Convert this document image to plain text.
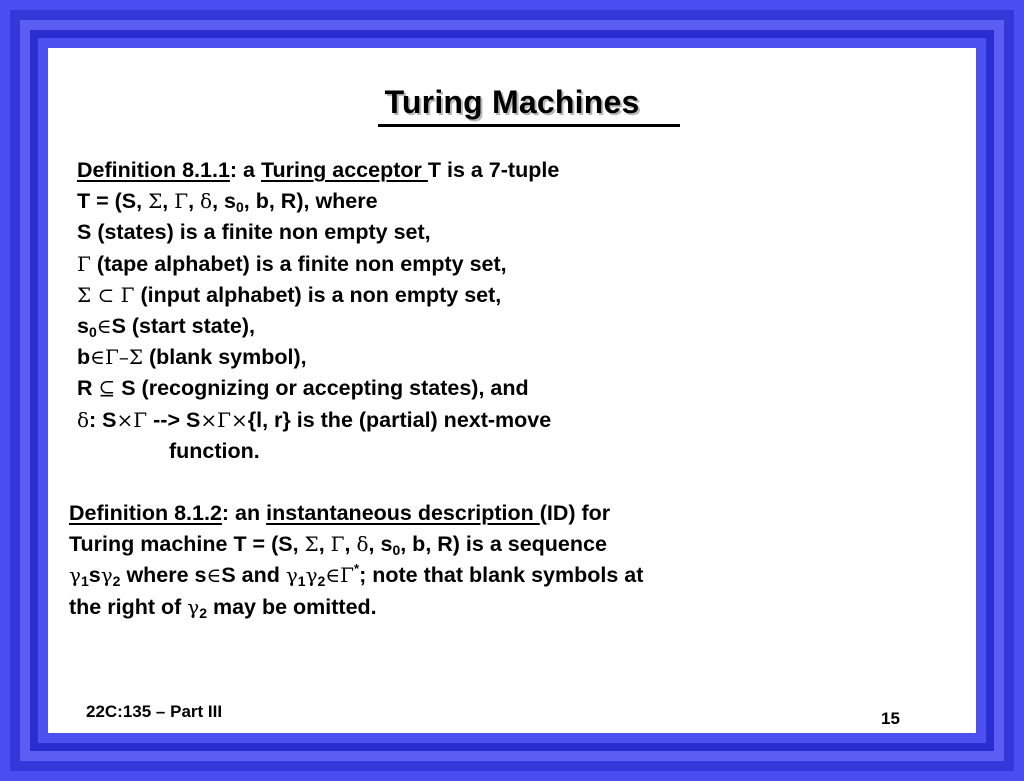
Turing Machines
Definition 8.1.1: a Turing acceptor T is a 7-tuple
T = (S, Σ, Γ, δ, $s_0$, b, R), where
S (states) is a finite non empty set,
Γ (tape alphabet) is a finite non empty set,
Σ ⊂ Γ (input alphabet) is a non empty set,
$s_0\in S$ (start state),
b∈Γ–Σ (blank symbol),
R ⊆ S (recognizing or accepting states), and
δ: S×Γ --> S×Γ×{l, r} is the (partial) next-move
function.
Definition 8.1.2: an instantaneous description (ID) for
Turing machine T = (S, Σ, Γ, δ, $s_0$, b, R) is a sequence
$\gamma_1s\gamma_2$ where s∈S and $\gamma_1\gamma_2\in\Gamma^*$; note that blank symbols at
the right of $\gamma_2$ may be omitted.
22C:135 – Part III	15
